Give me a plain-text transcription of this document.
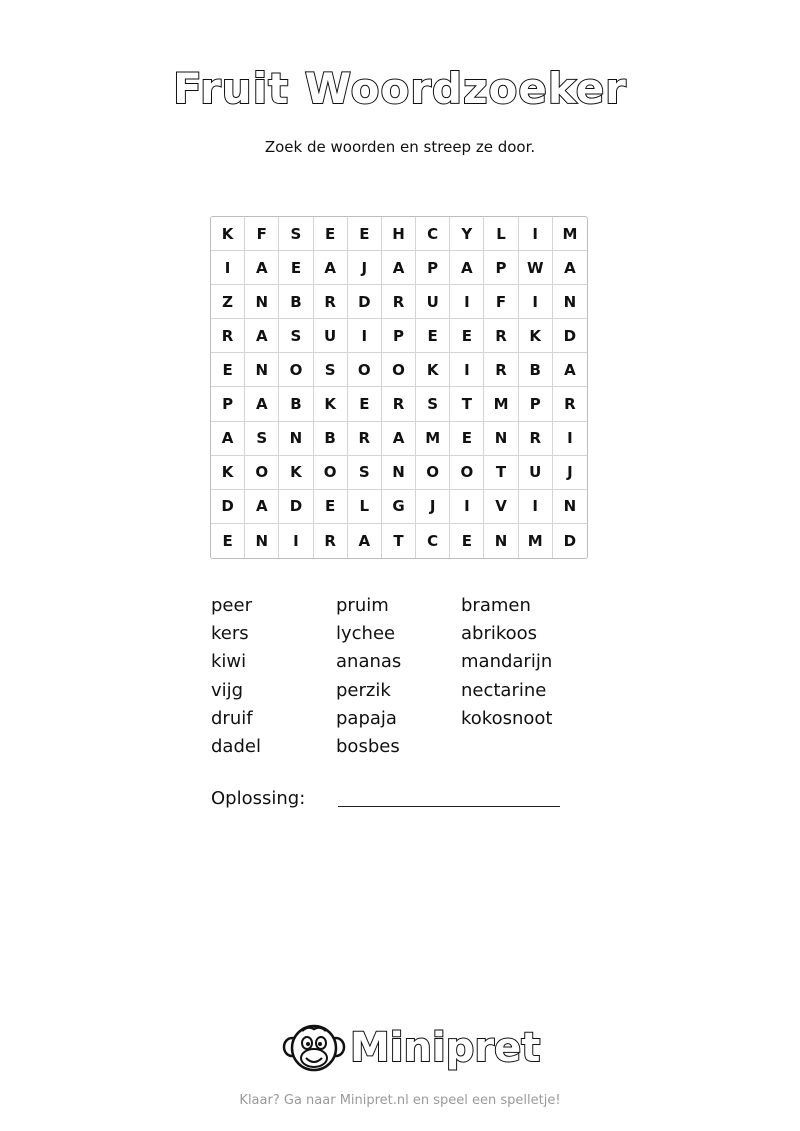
Fruit Woordzoeker
Zoek de woorden en streep ze door.
K	F	S	E	E	H	C	Y	L	I	M
I	A	E	A	J	A	P	A	P	W	A
Z	N	B	R	D	R	U	I	F	I	N
R	A	S	U	I	P	E	E	R	K	D
E	N	O	S	O	O	K	I	R	B	A
P	A	B	K	E	R	S	T	M	P	R
A	S	N	B	R	A	M	E	N	R	I
K	O	K	O	S	N	O	O	T	U	J
D	A	D	E	L	G	J	I	V	I	N
E	N	I	R	A	T	C	E	N	M	D
peer
kers
kiwi
vijg
druif
dadel
pruim
lychee
ananas
perzik
papaja
bosbes
bramen
abrikoos
mandarijn
nectarine
kokosnoot
Oplossing:
Minipret
Klaar? Ga naar Minipret.nl en speel een spelletje!
